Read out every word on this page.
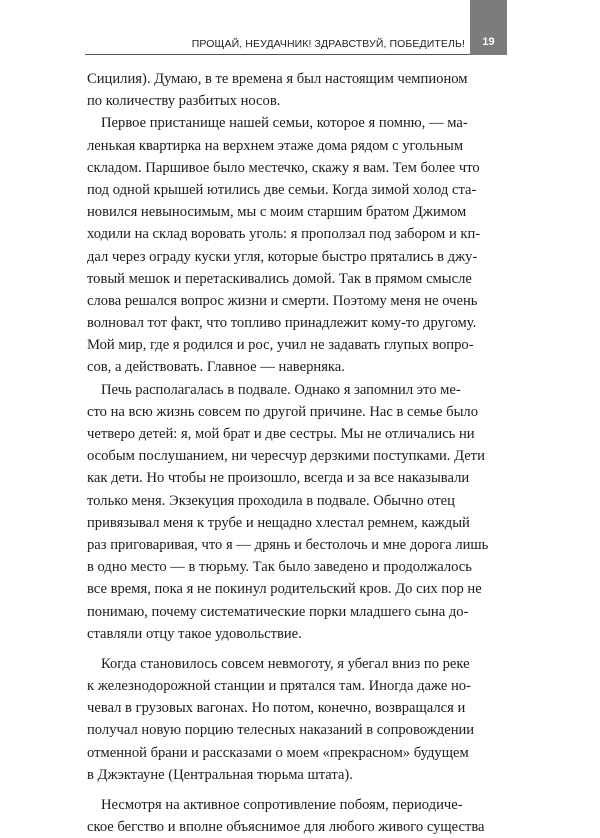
ПРОЩАЙ, НЕУДАЧНИК! ЗДРАВСТВУЙ, ПОБЕДИТЕЛЬ! 19
Сицилия). Думаю, в те времена я был настоящим чемпионом
по количеству разбитых носов.
Первое пристанище нашей семьи, которое я помню, — ма-
ленькая квартирка на верхнем этаже дома рядом с угольным
складом. Паршивое было местечко, скажу я вам. Тем более что
под одной крышей ютились две семьи. Когда зимой холод ста-
новился невыносимым, мы с моим старшим братом Джимом
ходили на склад воровать уголь: я проползал под забором и кп-
дал через ограду куски угля, которые быстро прятались в джу-
товый мешок и перетаскивались домой. Так в прямом смысле
слова решался вопрос жизни и смерти. Поэтому меня не очень
волновал тот факт, что топливо принадлежит кому-то другому.
Мой мир, где я родился и рос, учил не задавать глупых вопро-
сов, а действовать. Главное — наверняка.
Печь располагалась в подвале. Однако я запомнил это ме-
сто на всю жизнь совсем по другой причине. Нас в семье было
четверо детей: я, мой брат и две сестры. Мы не отличались ни
особым послушанием, ни чересчур дерзкими поступками. Дети
как дети. Но чтобы не произошло, всегда и за все наказывали
только меня. Экзекуция проходила в подвале. Обычно отец
привязывал меня к трубе и нещадно хлестал ремнем, каждый
раз приговаривая, что я — дрянь и бестолочь и мне дорога лишь
в одно место — в тюрьму. Так было заведено и продолжалось
все время, пока я не покинул родительский кров. До сих пор не
понимаю, почему систематические порки младшего сына до-
ставляли отцу такое удовольствие.
Когда становилось совсем невмоготу, я убегал вниз по реке
к железнодорожной станции и прятался там. Иногда даже но-
чевал в грузовых вагонах. Но потом, конечно, возвращался и
получал новую порцию телесных наказаний в сопровождении
отменной брани и рассказами о моем «прекрасном» будущем
в Джэктауне (Центральная тюрьма штата).
Несмотря на активное сопротивление побоям, периодиче-
ское бегство и вполне объяснимое для любого живого существа
